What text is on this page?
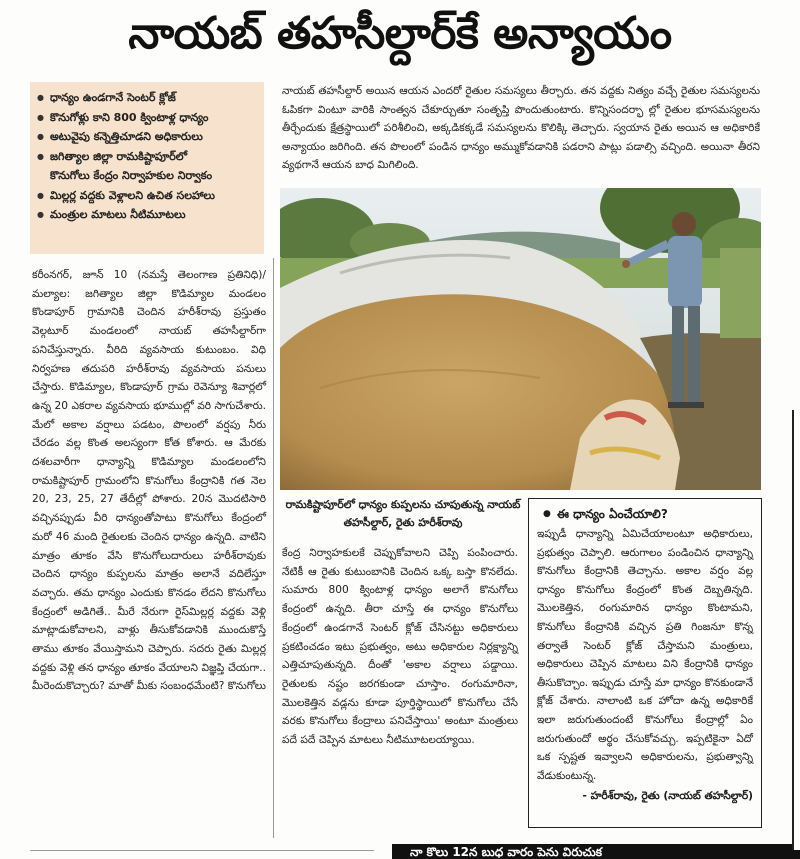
నాయబ్ తహసీల్దార్‌కే అన్యాయం
● ధాన్యం ఉండగానే సెంటర్ క్లోజ్
● కొనుగోళ్లు కాని 800 క్వింటాళ్ల ధాన్యం
● అటువైపు కన్నెత్తిచూడని అధికారులు
● జగిత్యాల జిల్లా రామకిష్టాపూర్‌లో
కొనుగోలు కేంద్రం నిర్వాహకుల నిర్వాకం
● మిల్లర్ల వద్దకు వెళ్లాలని ఉచిత సలహాలు
● మంత్రుల మాటలు నీటిమూటలు
నాయబ్ తహసీల్దార్ అయిన ఆయన ఎందరో రైతుల సమస్యలు తీర్చారు. తన వద్దకు నిత్యం వచ్చే రైతుల సమస్యలను ఓపికగా వింటూ వారికి సాంత్వన చేకూర్చుతూ సంతృప్తి పొందుతుంటారు. కొన్నిసందర్భా ల్లో రైతుల భూసమస్యలను తీర్చేందుకు క్షేత్రస్థాయిలో పరిశీలించి, అక్కడికక్కడే సమస్యలను కొలిక్కి తెచ్చారు. స్వయాన రైతు అయిన ఆ అధికారికే అన్యాయం జరిగింది. తన పొలంలో పండిన ధాన్యం అమ్ముకోవడానికి పడరాని పాట్లు పడాల్సి వచ్చింది. అయినా తీరని వ్యథగానే ఆయన బాధ మిగిలింది.
రామకిష్టాపూర్‌లో ధాన్యం కుప్పలను చూపుతున్న నాయబ్ తహసీల్దార్, రైతు హరీశ్‌రావు
కరీంనగర్, జూన్ 10 (నమస్తే తెలంగాణ ప్రతినిధి)/మల్యాల: జగిత్యాల జిల్లా కొడిమ్యాల మండలం కొండాపూర్ గ్రామానికి చెందిన హరీశ్‌రావు ప్రస్తుతం వెల్గటూర్ మండలంలో నాయబ్ తహసీల్దార్‌గా పనిచేస్తున్నారు. వీరిది వ్యవసాయ కుటుంబం. విధి నిర్వహణ తదుపరి హరీశ్‌రావు వ్యవసాయ పనులు చేస్తారు. కొడిమ్యాల, కొండాపూర్ గ్రామ రెవెన్యూ శివార్లలో ఉన్న 20 ఎకరాల వ్యవసాయ భూముల్లో వరి సాగుచేశారు. మేలో అకాల వర్షాలు పడటం, పొలంలో వర్షపు నీరు చేరడం వల్ల కొంత అలస్యంగా కోత కోశారు. ఆ మేరకు దశలవారీగా ధాన్యాన్ని కొడిమ్యాల మండలంలోని రామకిష్టాపూర్ గ్రామంలోని కొనుగోలు కేంద్రానికి గత నెల 20, 23, 25, 27 తేదీల్లో పోశారు. 20న మొదటిసారి వచ్చినప్పుడు వీరి ధాన్యంతోపాటు కొనుగోలు కేంద్రంలో మరో 46 మంది రైతులకు చెందిన ధాన్యం ఉన్నది. వాటిని మాత్రం తూకం వేసి కొనుగోలుదారులు హరీశ్‌రావుకు చెందిన ధాన్యం కుప్పలను మాత్రం అలానే వదిలేస్తూ వచ్చారు. తమ ధాన్యం ఎందుకు కొనడం లేదని కొనుగోలు కేంద్రంలో అడిగితే.. మీరే నేరుగా రైస్‌మిల్లర్ల వద్దకు వెళ్లి మాట్లాడుకోవాలని, వాళ్లు తీసుకోవడానికి ముందుకొస్తే తాము తూకం వేయిస్తామని చెప్పారు. సదరు రైతు మిల్లర్ల వద్దకు వెళ్లి తన ధాన్యం తూకం వేయాలని విజ్ఞప్తి చేయగా.. మీరెందుకొచ్చారు? మాతో మీకు సంబంధమేంటి? కొనుగోలు
కేంద్ర నిర్వాహకులకే చెప్పుకోవాలని చెప్పి పంపించారు. నేటికీ ఆ రైతు కుటుంబానికి చెందిన ఒక్క బస్తా కొనలేదు. సుమారు 800 క్వింటాళ్ల ధాన్యం అలాగే కొనుగోలు కేంద్రంలో ఉన్నది. తీరా చూస్తే ఈ ధాన్యం కొనుగోలు కేంద్రంలో ఉండగానే సెంటర్ క్లోజ్ చేసినట్టు అధికారులు ప్రకటించడం ఇటు ప్రభుత్వం, అటు అధికారుల నిర్లక్ష్యాన్ని ఎత్తిచూపుతున్నది. దీంతో 'అకాల వర్షాలు పడ్డాయి. రైతులకు నష్టం జరగకుండా చూస్తాం. రంగుమారినా, మొలకెత్తిన వడ్లను కూడా పూర్తిస్థాయిలో కొనుగోలు చేసే వరకు కొనుగోలు కేంద్రాలు పనిచేస్తాయి' అంటూ మంత్రులు పదే పదే చెప్పిన మాటలు నీటిమూటలయ్యాయి.
● ఈ ధాన్యం ఏంచేయాలి?
ఇప్పుడీ ధాన్యాన్ని ఏమిచేయాలంటూ అధికారులు, ప్రభుత్వం చెప్పాలి. ఆరుగాలం పండించిన ధాన్యాన్ని కొనుగోలు కేంద్రానికి తెచ్చాను. అకాల వర్షం వల్ల ధాన్యం కొనుగోలు కేంద్రంలో కొంత దెబ్బతిన్నది. మొలకెత్తిన, రంగుమారిన ధాన్యం కొంటామని, కొనుగోలు కేంద్రానికి వచ్చిన ప్రతి గింజనూ కొన్న తర్వాతే సెంటర్ క్లోజ్ చేస్తామని మంత్రులు, అధికారులు చెప్పిన మాటలు విని కేంద్రానికి ధాన్యం తీసుకొచ్చాం. ఇప్పుడు చూస్తే మా ధాన్యం కొనకుండానే క్లోజ్ చేశారు. నాలాంటి ఒక హోదా ఉన్న అధికారికే ఇలా జరుగుతుందంటే కొనుగోలు కేంద్రాల్లో ఏం జరుగుతుందో అర్థం చేసుకోవచ్చు. ఇప్పటికైనా ఏదో ఒక స్పష్టత ఇవ్వాలని అధికారులను, ప్రభుత్వాన్ని వేడుకుంటున్న.
- హరీశ్‌రావు, రైతు (నాయబ్ తహసీల్దార్)
నా కొలు 12న బుధ వారం పెను విరుచుక
